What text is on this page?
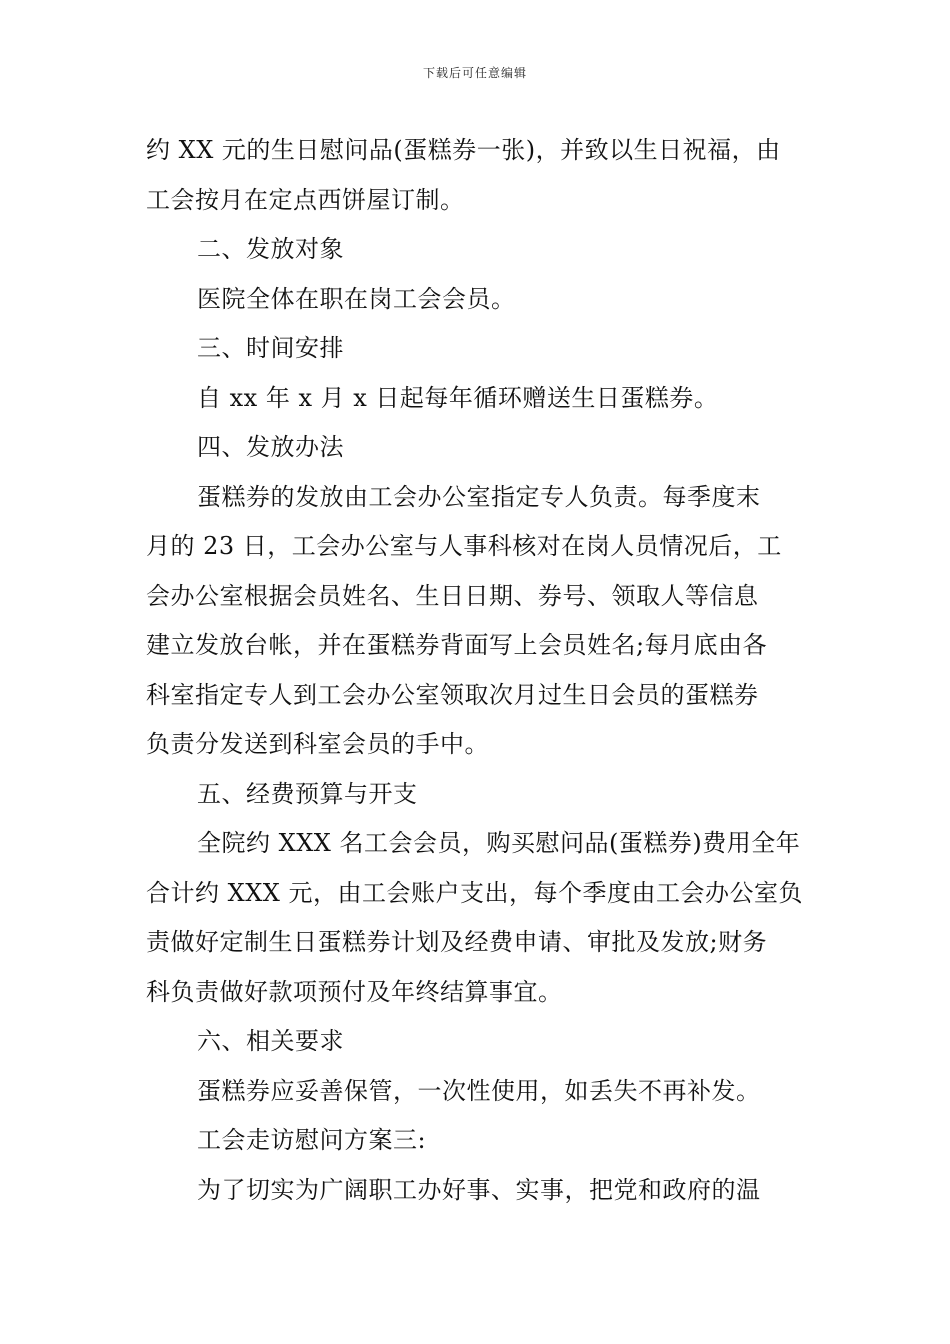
下载后可任意编辑
约 XX 元的生日慰问品(蛋糕券一张)，并致以生日祝福，由
工会按月在定点西饼屋订制。
二、发放对象
医院全体在职在岗工会会员。
三、时间安排
自 xx 年 x 月 x 日起每年循环赠送生日蛋糕券。
四、发放办法
蛋糕券的发放由工会办公室指定专人负责。每季度末
月的 23 日，工会办公室与人事科核对在岗人员情况后，工
会办公室根据会员姓名、生日日期、券号、领取人等信息
建立发放台帐，并在蛋糕券背面写上会员姓名;每月底由各
科室指定专人到工会办公室领取次月过生日会员的蛋糕券
负责分发送到科室会员的手中。
五、经费预算与开支
全院约 XXX 名工会会员，购买慰问品(蛋糕券)费用全年
合计约 XXX 元，由工会账户支出，每个季度由工会办公室负
责做好定制生日蛋糕券计划及经费申请、审批及发放;财务
科负责做好款项预付及年终结算事宜。
六、相关要求
蛋糕券应妥善保管，一次性使用，如丢失不再补发。
工会走访慰问方案三:
为了切实为广阔职工办好事、实事，把党和政府的温
